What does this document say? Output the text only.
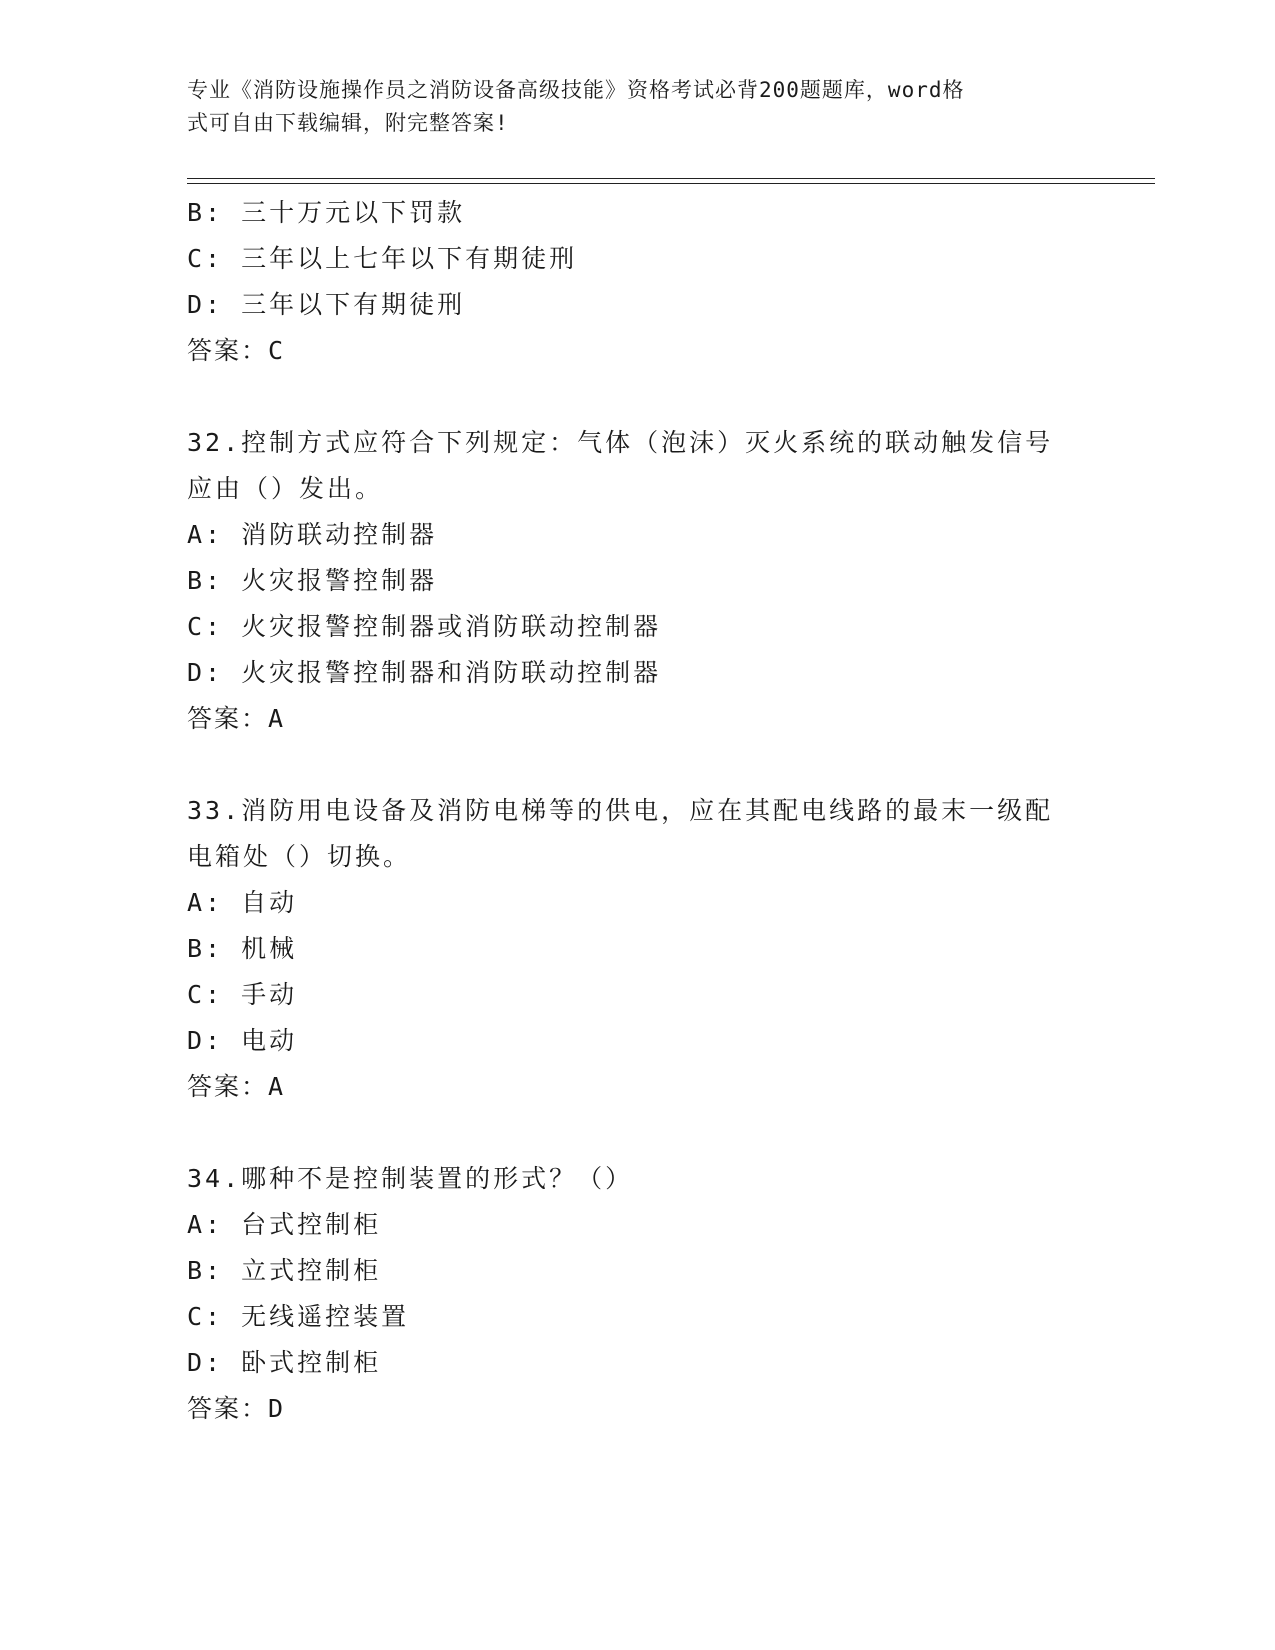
专业《消防设施操作员之消防设备高级技能》资格考试必背200题题库，word格
式可自由下载编辑，附完整答案!
B: 三十万元以下罚款
C: 三年以上七年以下有期徒刑
D: 三年以下有期徒刑
答案：C
32.控制方式应符合下列规定：气体（泡沫）灭火系统的联动触发信号
应由（）发出。
A: 消防联动控制器
B: 火灾报警控制器
C: 火灾报警控制器或消防联动控制器
D: 火灾报警控制器和消防联动控制器
答案：A
33.消防用电设备及消防电梯等的供电，应在其配电线路的最末一级配
电箱处（）切换。
A: 自动
B: 机械
C: 手动
D: 电动
答案：A
34.哪种不是控制装置的形式？（）
A: 台式控制柜
B: 立式控制柜
C: 无线遥控装置
D: 卧式控制柜
答案：D
